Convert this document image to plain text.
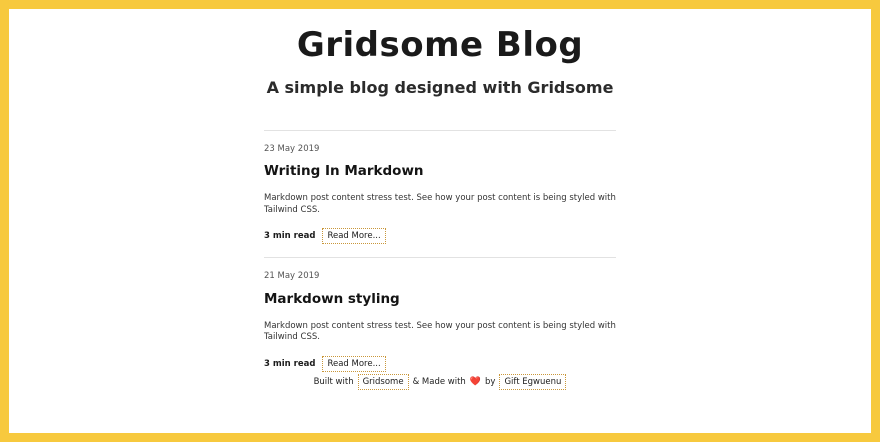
Gridsome Blog

A simple blog designed with Gridsome

23 May 2019

Writing In Markdown

Markdown post content stress test. See how your post content is being styled with Tailwind CSS.

3 min read	Read More...

21 May 2019

Markdown styling

Markdown post content stress test. See how your post content is being styled with Tailwind CSS.

3 min read	Read More...
Built with	Gridsome	& Made with ❤️ by	Gift Egwuenu
